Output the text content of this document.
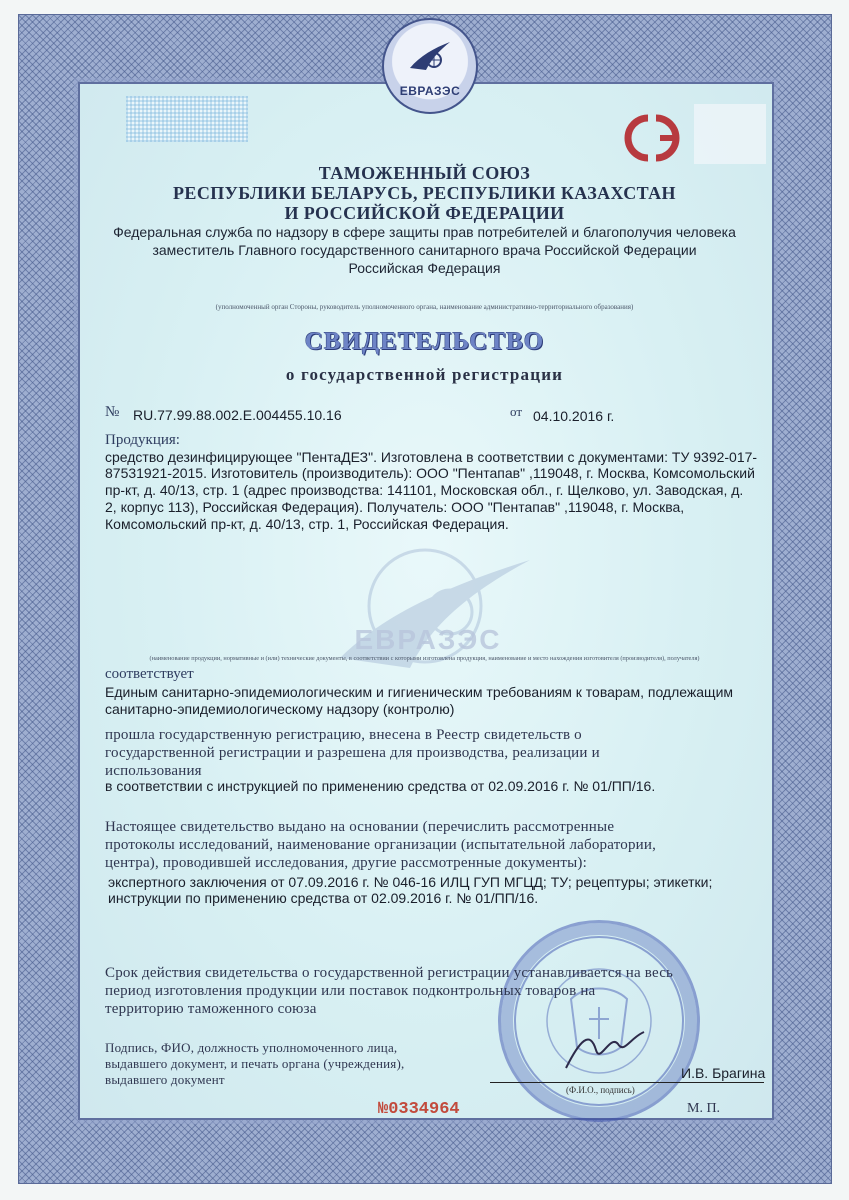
ЕВРАЗЭС
ТАМОЖЕННЫЙ СОЮЗ
РЕСПУБЛИКИ БЕЛАРУСЬ, РЕСПУБЛИКИ КАЗАХСТАН
И РОССИЙСКОЙ ФЕДЕРАЦИИ
Федеральная служба по надзору в сфере защиты прав потребителей и благополучия человека
заместитель Главного государственного санитарного врача Российской Федерации
Российская Федерация
(уполномоченный орган Стороны, руководитель уполномоченного органа, наименование административно-территориального образования)
СВИДЕТЕЛЬСТВО
о государственной регистрации
№ RU.77.99.88.002.E.004455.10.16	от 04.10.2016 г.
Продукция:
средство дезинфицирующее "ПентаДЕЗ". Изготовлена в соответствии с документами: ТУ 9392-017-
87531921-2015. Изготовитель (производитель): ООО "Пентапав" ,119048, г. Москва, Комсомольский
пр-кт, д. 40/13, стр. 1 (адрес производства: 141101, Московская обл., г. Щелково, ул. Заводская, д.
2, корпус 113), Российская Федерация). Получатель: ООО "Пентапав" ,119048, г. Москва,
Комсомольский пр-кт, д. 40/13, стр. 1, Российская Федерация.
ЕВРАЗЭС
(наименование продукции, нормативные и (или) технические документы, в соответствии с которыми изготовлена продукция, наименование и место нахождения изготовителя (производителя), получателя)
соответствует
Единым санитарно-эпидемиологическим и гигиеническим требованиям к товарам, подлежащим
санитарно-эпидемиологическому надзору (контролю)
прошла государственную регистрацию, внесена в Реестр свидетельств о
государственной регистрации и разрешена для производства, реализации и
использования
в соответствии с инструкцией по применению средства от 02.09.2016 г. № 01/ПП/16.
Настоящее свидетельство выдано на основании (перечислить рассмотренные
протоколы исследований, наименование организации (испытательной лаборатории,
центра), проводившей исследования, другие рассмотренные документы):
экспертного заключения от 07.09.2016 г. № 046-16 ИЛЦ ГУП МГЦД; ТУ; рецептуры; этикетки;
инструкции по применению средства от 02.09.2016 г. № 01/ПП/16.
Срок действия свидетельства о государственной регистрации устанавливается на весь
период изготовления продукции или поставок подконтрольных товаров на
территорию таможенного союза
Подпись, ФИО, должность уполномоченного лица,
выдавшего документ, и печать органа (учреждения),
выдавшего документ	И.В. Брагина
(Ф.И.О., подпись)
№0334964	М. П.
